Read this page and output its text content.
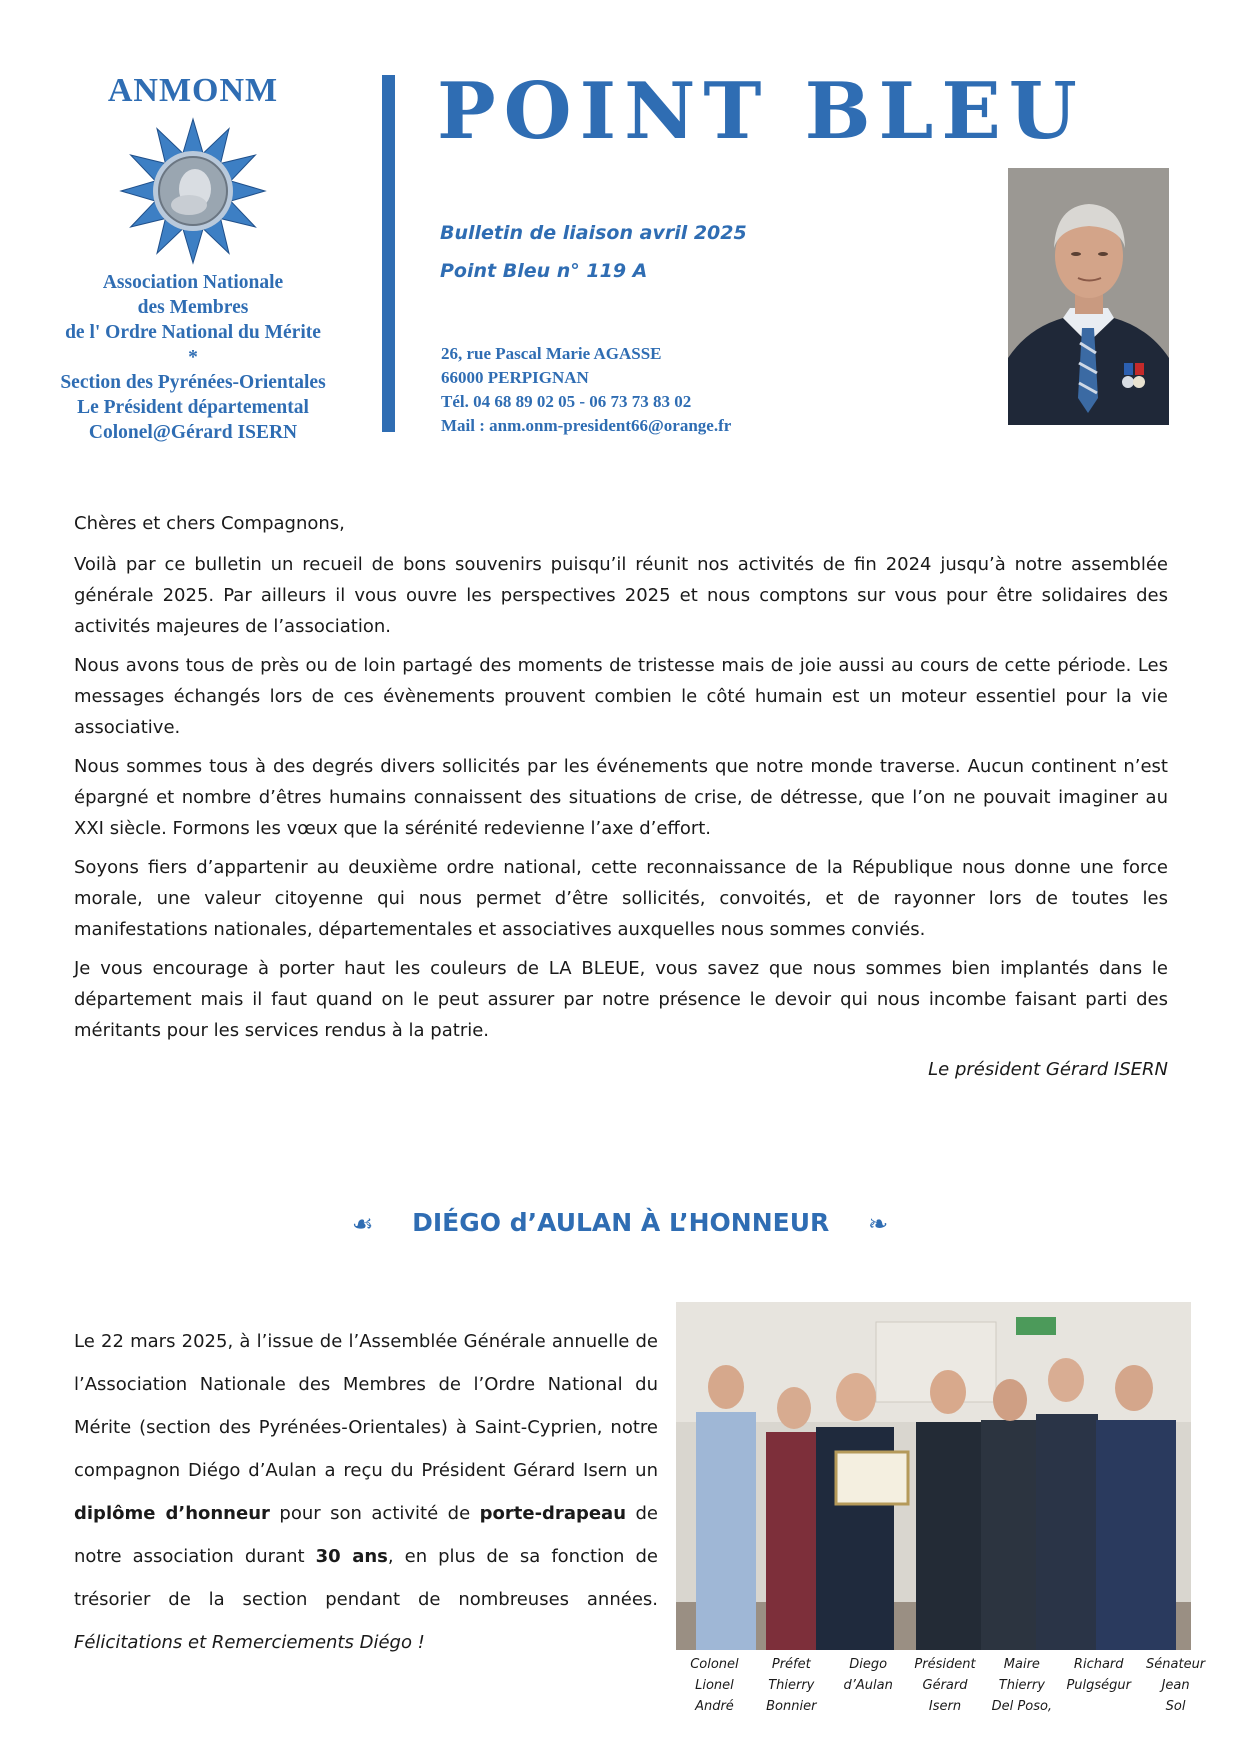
ANMONM

Association Nationale
des Membres
de l' Ordre National du Mérite
*
Section des Pyrénées-Orientales
Le Président départemental
Colonel@Gérard ISERN
POINT BLEU
Bulletin de liaison avril 2025
Point Bleu n° 119 A
26, rue Pascal Marie AGASSE
66000 PERPIGNAN
Tél. 04 68 89 02 05 - 06 73 73 83 02
Mail : anm.onm-president66@orange.fr

Chères et chers Compagnons,

Voilà par ce bulletin un recueil de bons souvenirs puisqu’il réunit nos activités de fin 2024 jusqu’à notre assemblée générale 2025. Par ailleurs il vous ouvre les perspectives 2025 et nous comptons sur vous pour être solidaires des activités majeures de l’association.

Nous avons tous de près ou de loin partagé des moments de tristesse mais de joie aussi au cours de cette période. Les messages échangés lors de ces évènements prouvent combien le côté humain est un moteur essentiel pour la vie associative.

Nous sommes tous à des degrés divers sollicités par les événements que notre monde traverse. Aucun continent n’est épargné et nombre d’êtres humains connaissent des situations de crise, de détresse, que l’on ne pouvait imaginer au XXI siècle. Formons les vœux que la sérénité redevienne l’axe d’effort.

Soyons fiers d’appartenir au deuxième ordre national, cette reconnaissance de la République nous donne une force morale, une valeur citoyenne qui nous permet d’être sollicités, convoités, et de rayonner lors de toutes les manifestations nationales, départementales et associatives auxquelles nous sommes conviés.

Je vous encourage à porter haut les couleurs de LA BLEUE, vous savez que nous sommes bien implantés dans le département mais il faut quand on le peut assurer par notre présence le devoir qui nous incombe faisant parti des méritants pour les services rendus à la patrie.

Le président Gérard ISERN

☙ DIÉGO d’AULAN À L’HONNEUR ❧
Le 22 mars 2025, à l’issue de l’Assemblée Générale annuelle de l’Association Nationale des Membres de l’Ordre National du Mérite (section des Pyrénées-Orientales) à Saint-Cyprien, notre compagnon Diégo d’Aulan a reçu du Président Gérard Isern un diplôme d’honneur pour son activité de porte-drapeau de notre association durant 30 ans, en plus de sa fonction de trésorier de la section pendant de nombreuses années. Félicitations et Remerciements Diégo !
Colonel
Lionel
André
Préfet
Thierry
Bonnier
Diego
d’Aulan
Président
Gérard
Isern
Maire
Thierry
Del Poso,
Richard
Pulgségur
Sénateur
Jean
Sol
